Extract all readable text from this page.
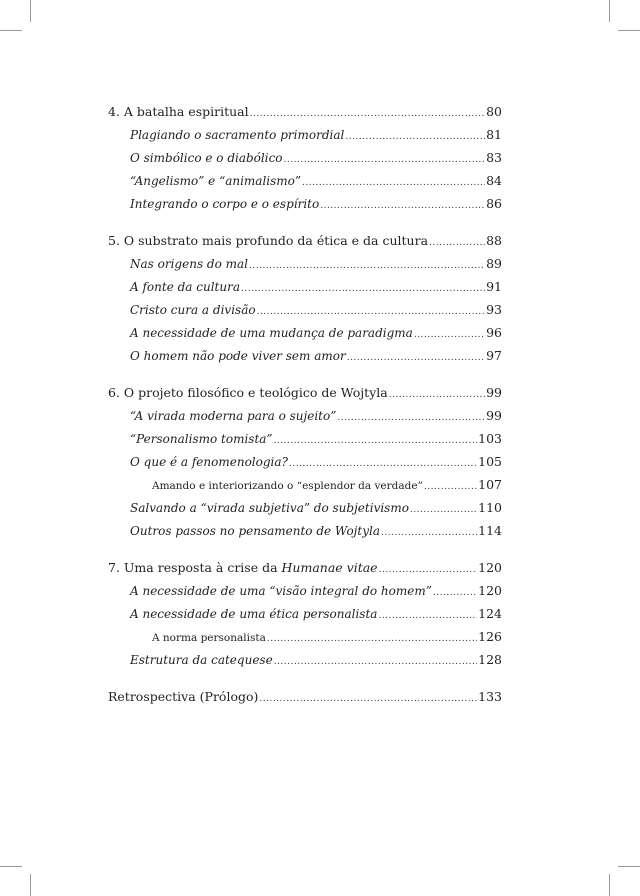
4. A batalha espiritual .....	80
Plagiando o sacramento primordial .....	81
O simbólico e o diabólico .....	83
“Angelismo” e “animalismo” .....	84
Integrando o corpo e o espírito .....	86
5. O substrato mais profundo da ética e da cultura .....	88
Nas origens do mal .....	89
A fonte da cultura .....	91
Cristo cura a divisão .....	93
A necessidade de uma mudança de paradigma .....	96
O homem não pode viver sem amor .....	97
6. O projeto filosófico e teológico de Wojtyla .....	99
“A virada moderna para o sujeito” .....	99
“Personalismo tomista” .....	103
O que é a fenomenologia? .....	105
Amando e interiorizando o “esplendor da verdade” .....	107
Salvando a “virada subjetiva” do subjetivismo .....	110
Outros passos no pensamento de Wojtyla .....	114
7. Uma resposta à crise da Humanae vitae .....	120
A necessidade de uma “visão integral do homem” .....	120
A necessidade de uma ética personalista .....	124
A norma personalista .....	126
Estrutura da catequese .....	128
Retrospectiva (Prólogo) .....	133
